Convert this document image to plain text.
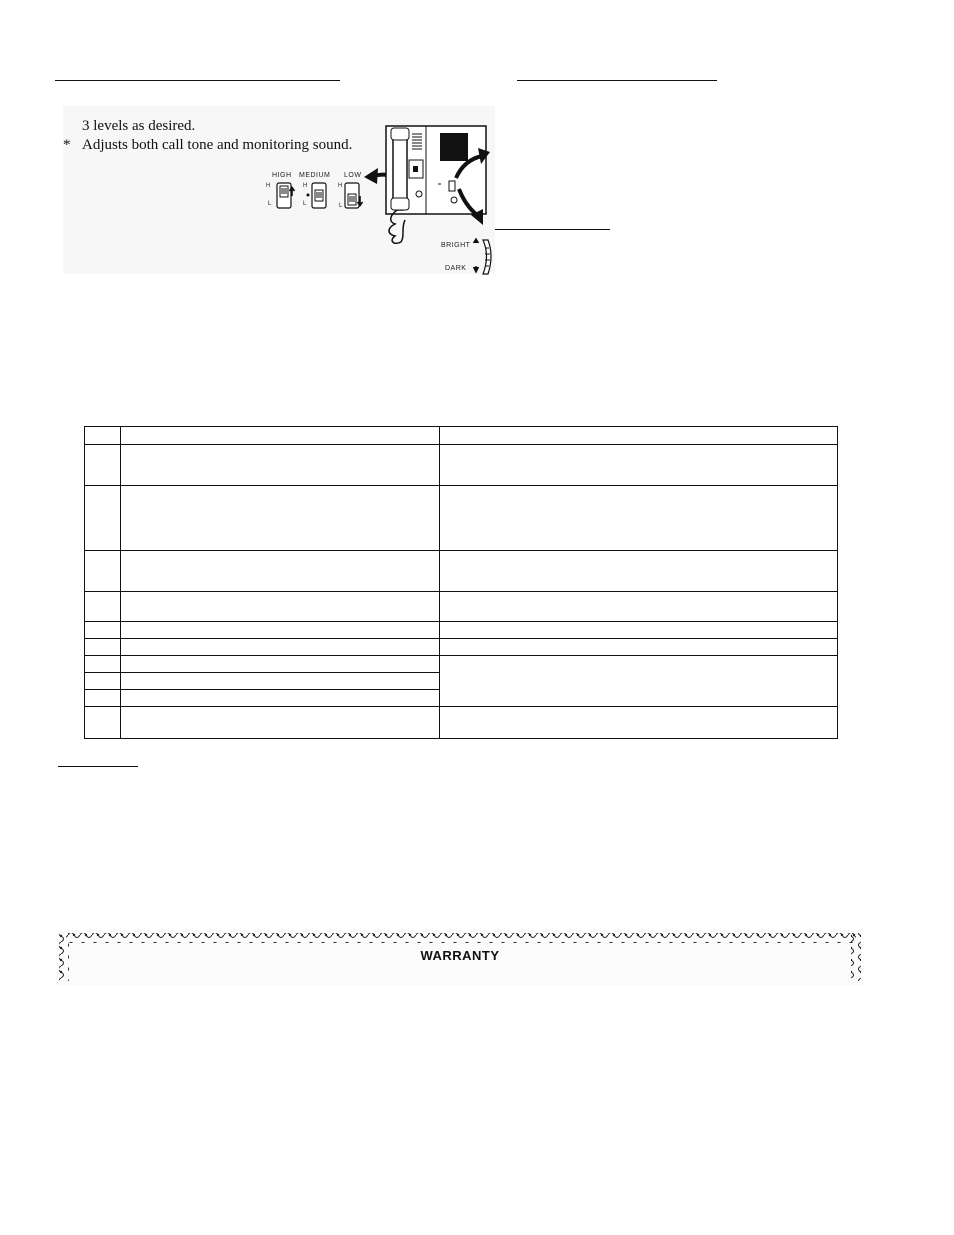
3 levels as desired.
* Adjusts both call tone and monitoring sound.
HIGH MEDIUM LOW
H
L
H
L
H
L
BRIGHT
DARK

WARRANTY
